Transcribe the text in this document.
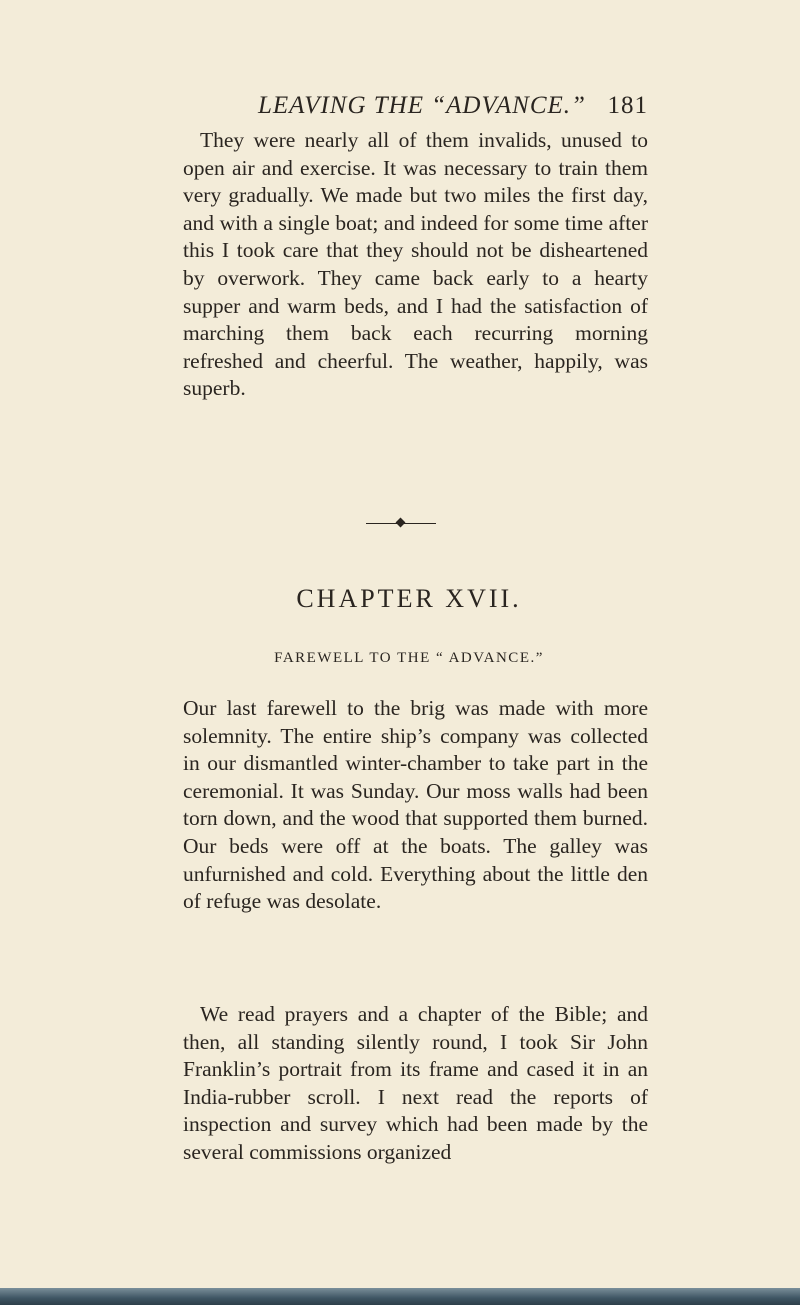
LEAVING THE “ADVANCE.” 181

They were nearly all of them invalids, unused to open air and exercise. It was necessary to train them very gradually. We made but two miles the first day, and with a single boat; and indeed for some time after this I took care that they should not be disheartened by overwork. They came back early to a hearty supper and warm beds, and I had the satisfaction of marching them back each recurring morning refreshed and cheerful. The weather, happily, was superb.

CHAPTER XVII.
FAREWELL TO THE “ ADVANCE.”

Our last farewell to the brig was made with more solemnity. The entire ship’s company was collected in our dismantled winter-chamber to take part in the ceremonial. It was Sunday. Our moss walls had been torn down, and the wood that supported them burned. Our beds were off at the boats. The galley was unfurnished and cold. Everything about the little den of refuge was desolate.

We read prayers and a chapter of the Bible; and then, all standing silently round, I took Sir John Franklin’s portrait from its frame and cased it in an India-rubber scroll. I next read the reports of inspection and survey which had been made by the several commissions organized
